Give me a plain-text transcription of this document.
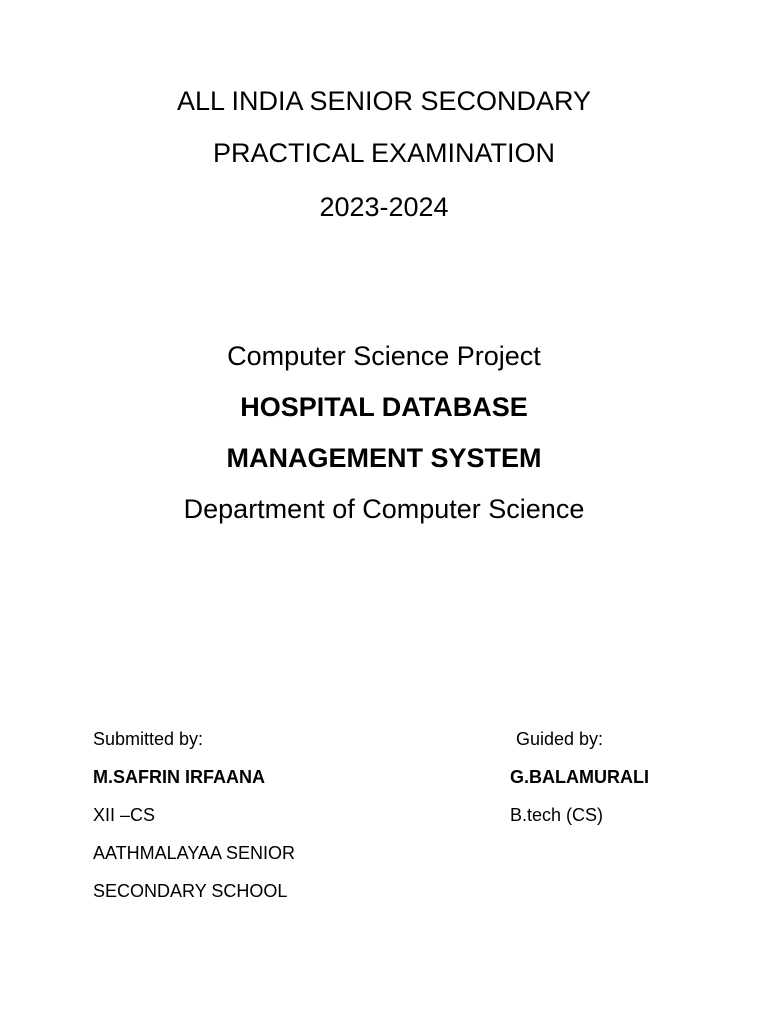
ALL INDIA SENIOR SECONDARY
PRACTICAL EXAMINATION
2023-2024
Computer Science Project
HOSPITAL DATABASE
MANAGEMENT SYSTEM
Department of Computer Science
Submitted by:
M.SAFRIN IRFAANA
XII –CS
AATHMALAYAA SENIOR
SECONDARY SCHOOL
Guided by:
G.BALAMURALI
B.tech (CS)
